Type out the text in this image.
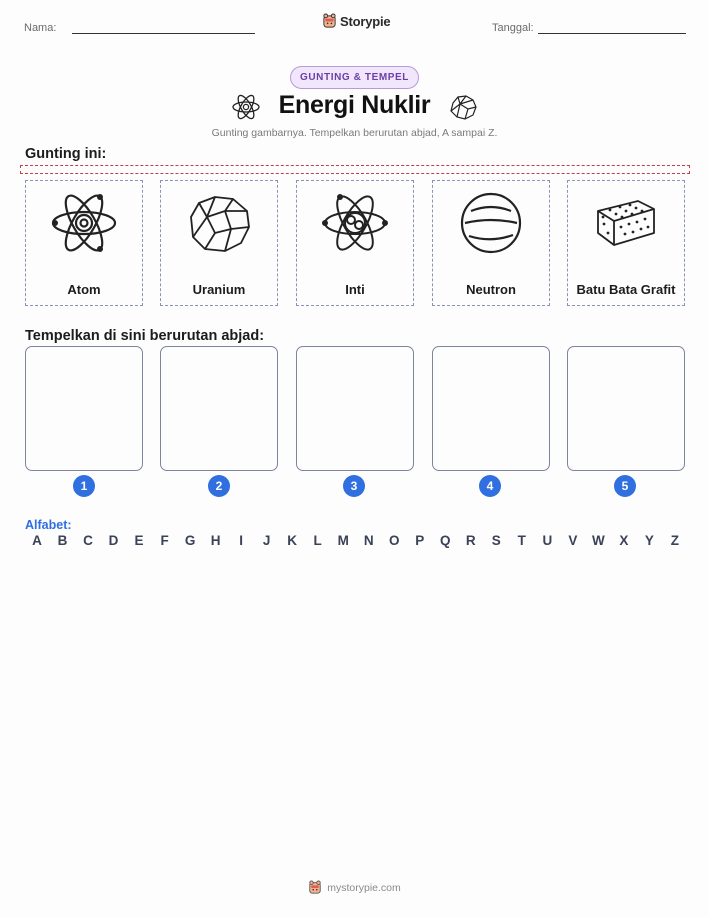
Nama:	Storypie	Tanggal:
GUNTING & TEMPEL
Energi Nuklir
Gunting gambarnya. Tempelkan berurutan abjad, A sampai Z.
Gunting ini:
Atom	Uranium	Inti	Neutron	Batu Bata Grafit
Tempelkan di sini berurutan abjad:
1	2	3	4	5
Alfabet:
A	B	C	D	E	F	G	H	I	J	K	L	M	N	O	P	Q	R	S	T	U	V	W	X	Y	Z
mystorypie.com
